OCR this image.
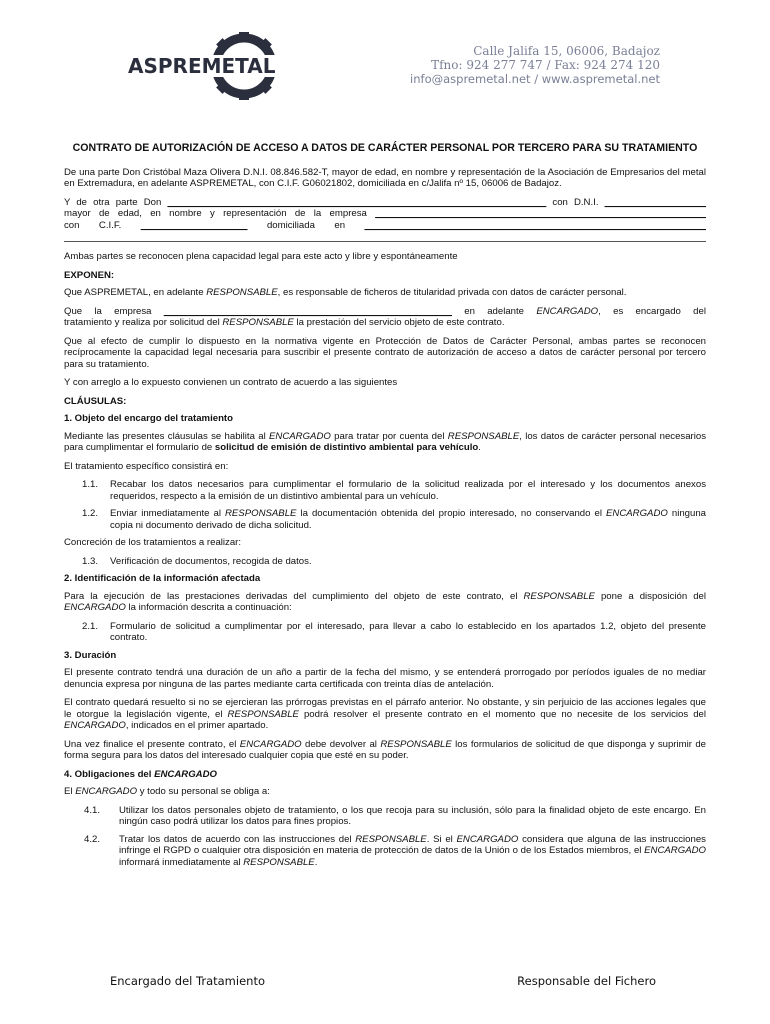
ASPREMETAL
Calle Jalifa 15, 06006, Badajoz
Tfno: 924 277 747 / Fax: 924 274 120
info@aspremetal.net / www.aspremetal.net
CONTRATO DE AUTORIZACIÓN DE ACCESO A DATOS DE CARÁCTER PERSONAL POR TERCERO PARA SU TRATAMIENTO

De una parte Don Cristóbal Maza Olivera D.N.I. 08.846.582-T, mayor de edad, en nombre y representación de la Asociación de Empresarios del metal en Extremadura, en adelante ASPREMETAL, con C.I.F. G06021802, domiciliada en c/Jalifa nº 15, 06006 de Badajoz.

Y de otra parte Don _______________________________________________________________________ con D.N.I. ___________________
mayor de edad, en nombre y representación de la empresa ______________________________________________________________
con C.I.F. ____________________ domiciliada en ________________________________________________________________

Ambas partes se reconocen plena capacidad legal para este acto y libre y espontáneamente

EXPONEN:

Que ASPREMETAL, en adelante RESPONSABLE, es responsable de ficheros de titularidad privada con datos de carácter personal.

Que la empresa ______________________________________________________ en adelante ENCARGADO, es encargado del
tratamiento y realiza por solicitud del RESPONSABLE la prestación del servicio objeto de este contrato.

Que al efecto de cumplir lo dispuesto en la normativa vigente en Protección de Datos de Carácter Personal, ambas partes se reconocen recíprocamente la capacidad legal necesaria para suscribir el presente contrato de autorización de acceso a datos de carácter personal por tercero para su tratamiento.

Y con arreglo a lo expuesto convienen un contrato de acuerdo a las siguientes

CLÁUSULAS:
1. Objeto del encargo del tratamiento

Mediante las presentes cláusulas se habilita al ENCARGADO para tratar por cuenta del RESPONSABLE, los datos de carácter personal necesarios para cumplimentar el formulario de solicitud de emisión de distintivo ambiental para vehículo.

El tratamiento específico consistirá en:

1.1.	Recabar los datos necesarios para cumplimentar el formulario de la solicitud realizada por el interesado y los documentos anexos requeridos, respecto a la emisión de un distintivo ambiental para un vehículo.
1.2.	Enviar inmediatamente al RESPONSABLE la documentación obtenida del propio interesado, no conservando el ENCARGADO ninguna copia ni documento derivado de dicha solicitud.

Concreción de los tratamientos a realizar:

1.3.	Verificación de documentos, recogida de datos.
2. Identificación de la información afectada

Para la ejecución de las prestaciones derivadas del cumplimiento del objeto de este contrato, el RESPONSABLE pone a disposición del ENCARGADO la información descrita a continuación:

2.1.	Formulario de solicitud a cumplimentar por el interesado, para llevar a cabo lo establecido en los apartados 1.2, objeto del presente contrato.
3. Duración

El presente contrato tendrá una duración de un año a partir de la fecha del mismo, y se entenderá prorrogado por períodos iguales de no mediar denuncia expresa por ninguna de las partes mediante carta certificada con treinta días de antelación.

El contrato quedará resuelto si no se ejercieran las prórrogas previstas en el párrafo anterior. No obstante, y sin perjuicio de las acciones legales que le otorgue la legislación vigente, el RESPONSABLE podrá resolver el presente contrato en el momento que no necesite de los servicios del ENCARGADO, indicados en el primer apartado.

Una vez finalice el presente contrato, el ENCARGADO debe devolver al RESPONSABLE los formularios de solicitud de que disponga y suprimir de forma segura para los datos del interesado cualquier copia que esté en su poder.

4. Obligaciones del ENCARGADO

El ENCARGADO y todo su personal se obliga a:

4.1.	Utilizar los datos personales objeto de tratamiento, o los que recoja para su inclusión, sólo para la finalidad objeto de este encargo. En ningún caso podrá utilizar los datos para fines propios.
4.2.	Tratar los datos de acuerdo con las instrucciones del RESPONSABLE. Si el ENCARGADO considera que alguna de las instrucciones infringe el RGPD o cualquier otra disposición en materia de protección de datos de la Unión o de los Estados miembros, el ENCARGADO informará inmediatamente al RESPONSABLE.
Encargado del Tratamiento	Responsable del Fichero
